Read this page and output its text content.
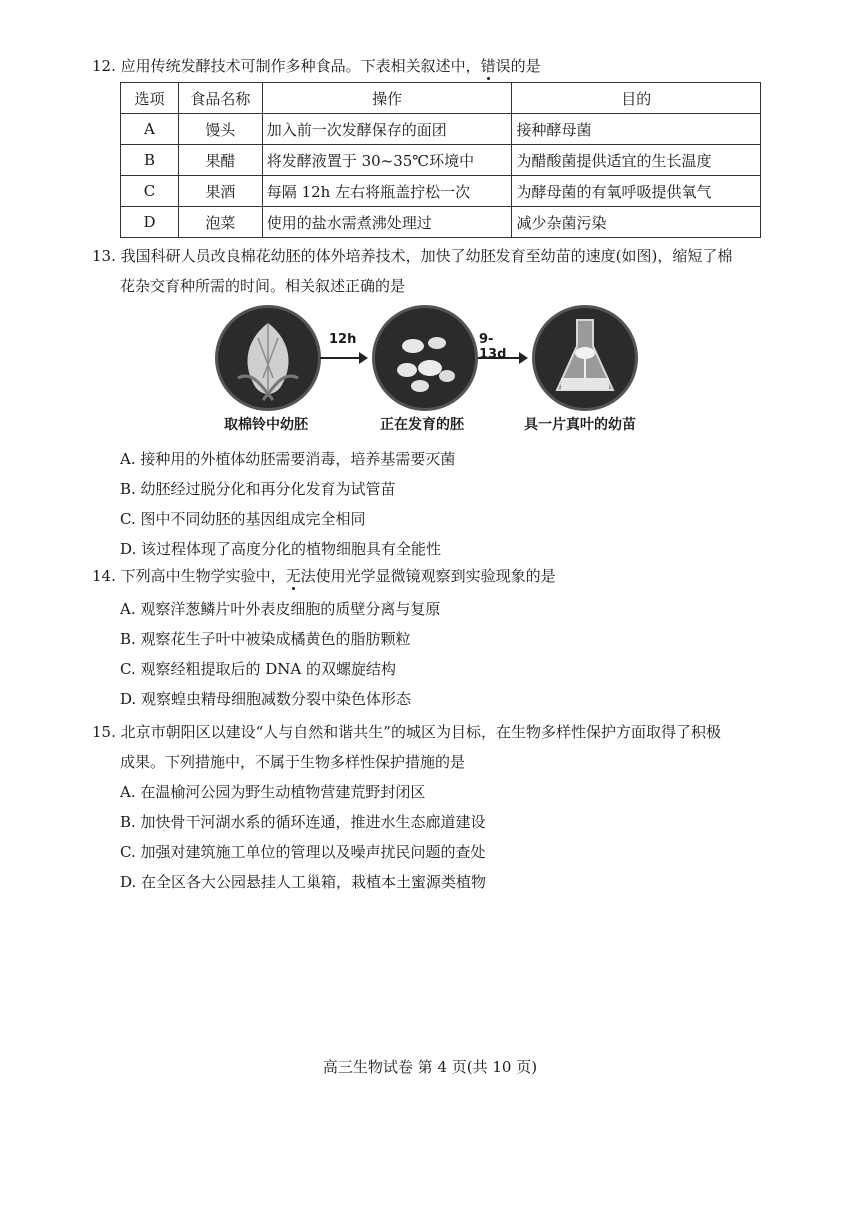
12. 应用传统发酵技术可制作多种食品。下表相关叙述中，错误的是
选项	食品名称	操作	目的
A	馒头	加入前一次发酵保存的面团	接种酵母菌
B	果醋	将发酵液置于 30~35℃环境中	为醋酸菌提供适宜的生长温度
C	果酒	每隔 12h 左右将瓶盖拧松一次	为酵母菌的有氧呼吸提供氧气
D	泡菜	使用的盐水需煮沸处理过	减少杂菌污染
13. 我国科研人员改良棉花幼胚的体外培养技术，加快了幼胚发育至幼苗的速度(如图)，缩短了棉
花杂交育种所需的时间。相关叙述正确的是
12h	9-13d
取棉铃中幼胚	正在发育的胚	具一片真叶的幼苗
A. 接种用的外植体幼胚需要消毒，培养基需要灭菌
B. 幼胚经过脱分化和再分化发育为试管苗
C. 图中不同幼胚的基因组成完全相同
D. 该过程体现了高度分化的植物细胞具有全能性
14. 下列高中生物学实验中，无法使用光学显微镜观察到实验现象的是
A. 观察洋葱鳞片叶外表皮细胞的质壁分离与复原
B. 观察花生子叶中被染成橘黄色的脂肪颗粒
C. 观察经粗提取后的 DNA 的双螺旋结构
D. 观察蝗虫精母细胞减数分裂中染色体形态
15. 北京市朝阳区以建设“人与自然和谐共生”的城区为目标，在生物多样性保护方面取得了积极
成果。下列措施中，不属于生物多样性保护措施的是
A. 在温榆河公园为野生动植物营建荒野封闭区
B. 加快骨干河湖水系的循环连通，推进水生态廊道建设
C. 加强对建筑施工单位的管理以及噪声扰民问题的查处
D. 在全区各大公园悬挂人工巢箱，栽植本土蜜源类植物
高三生物试卷 第 4 页(共 10 页)
